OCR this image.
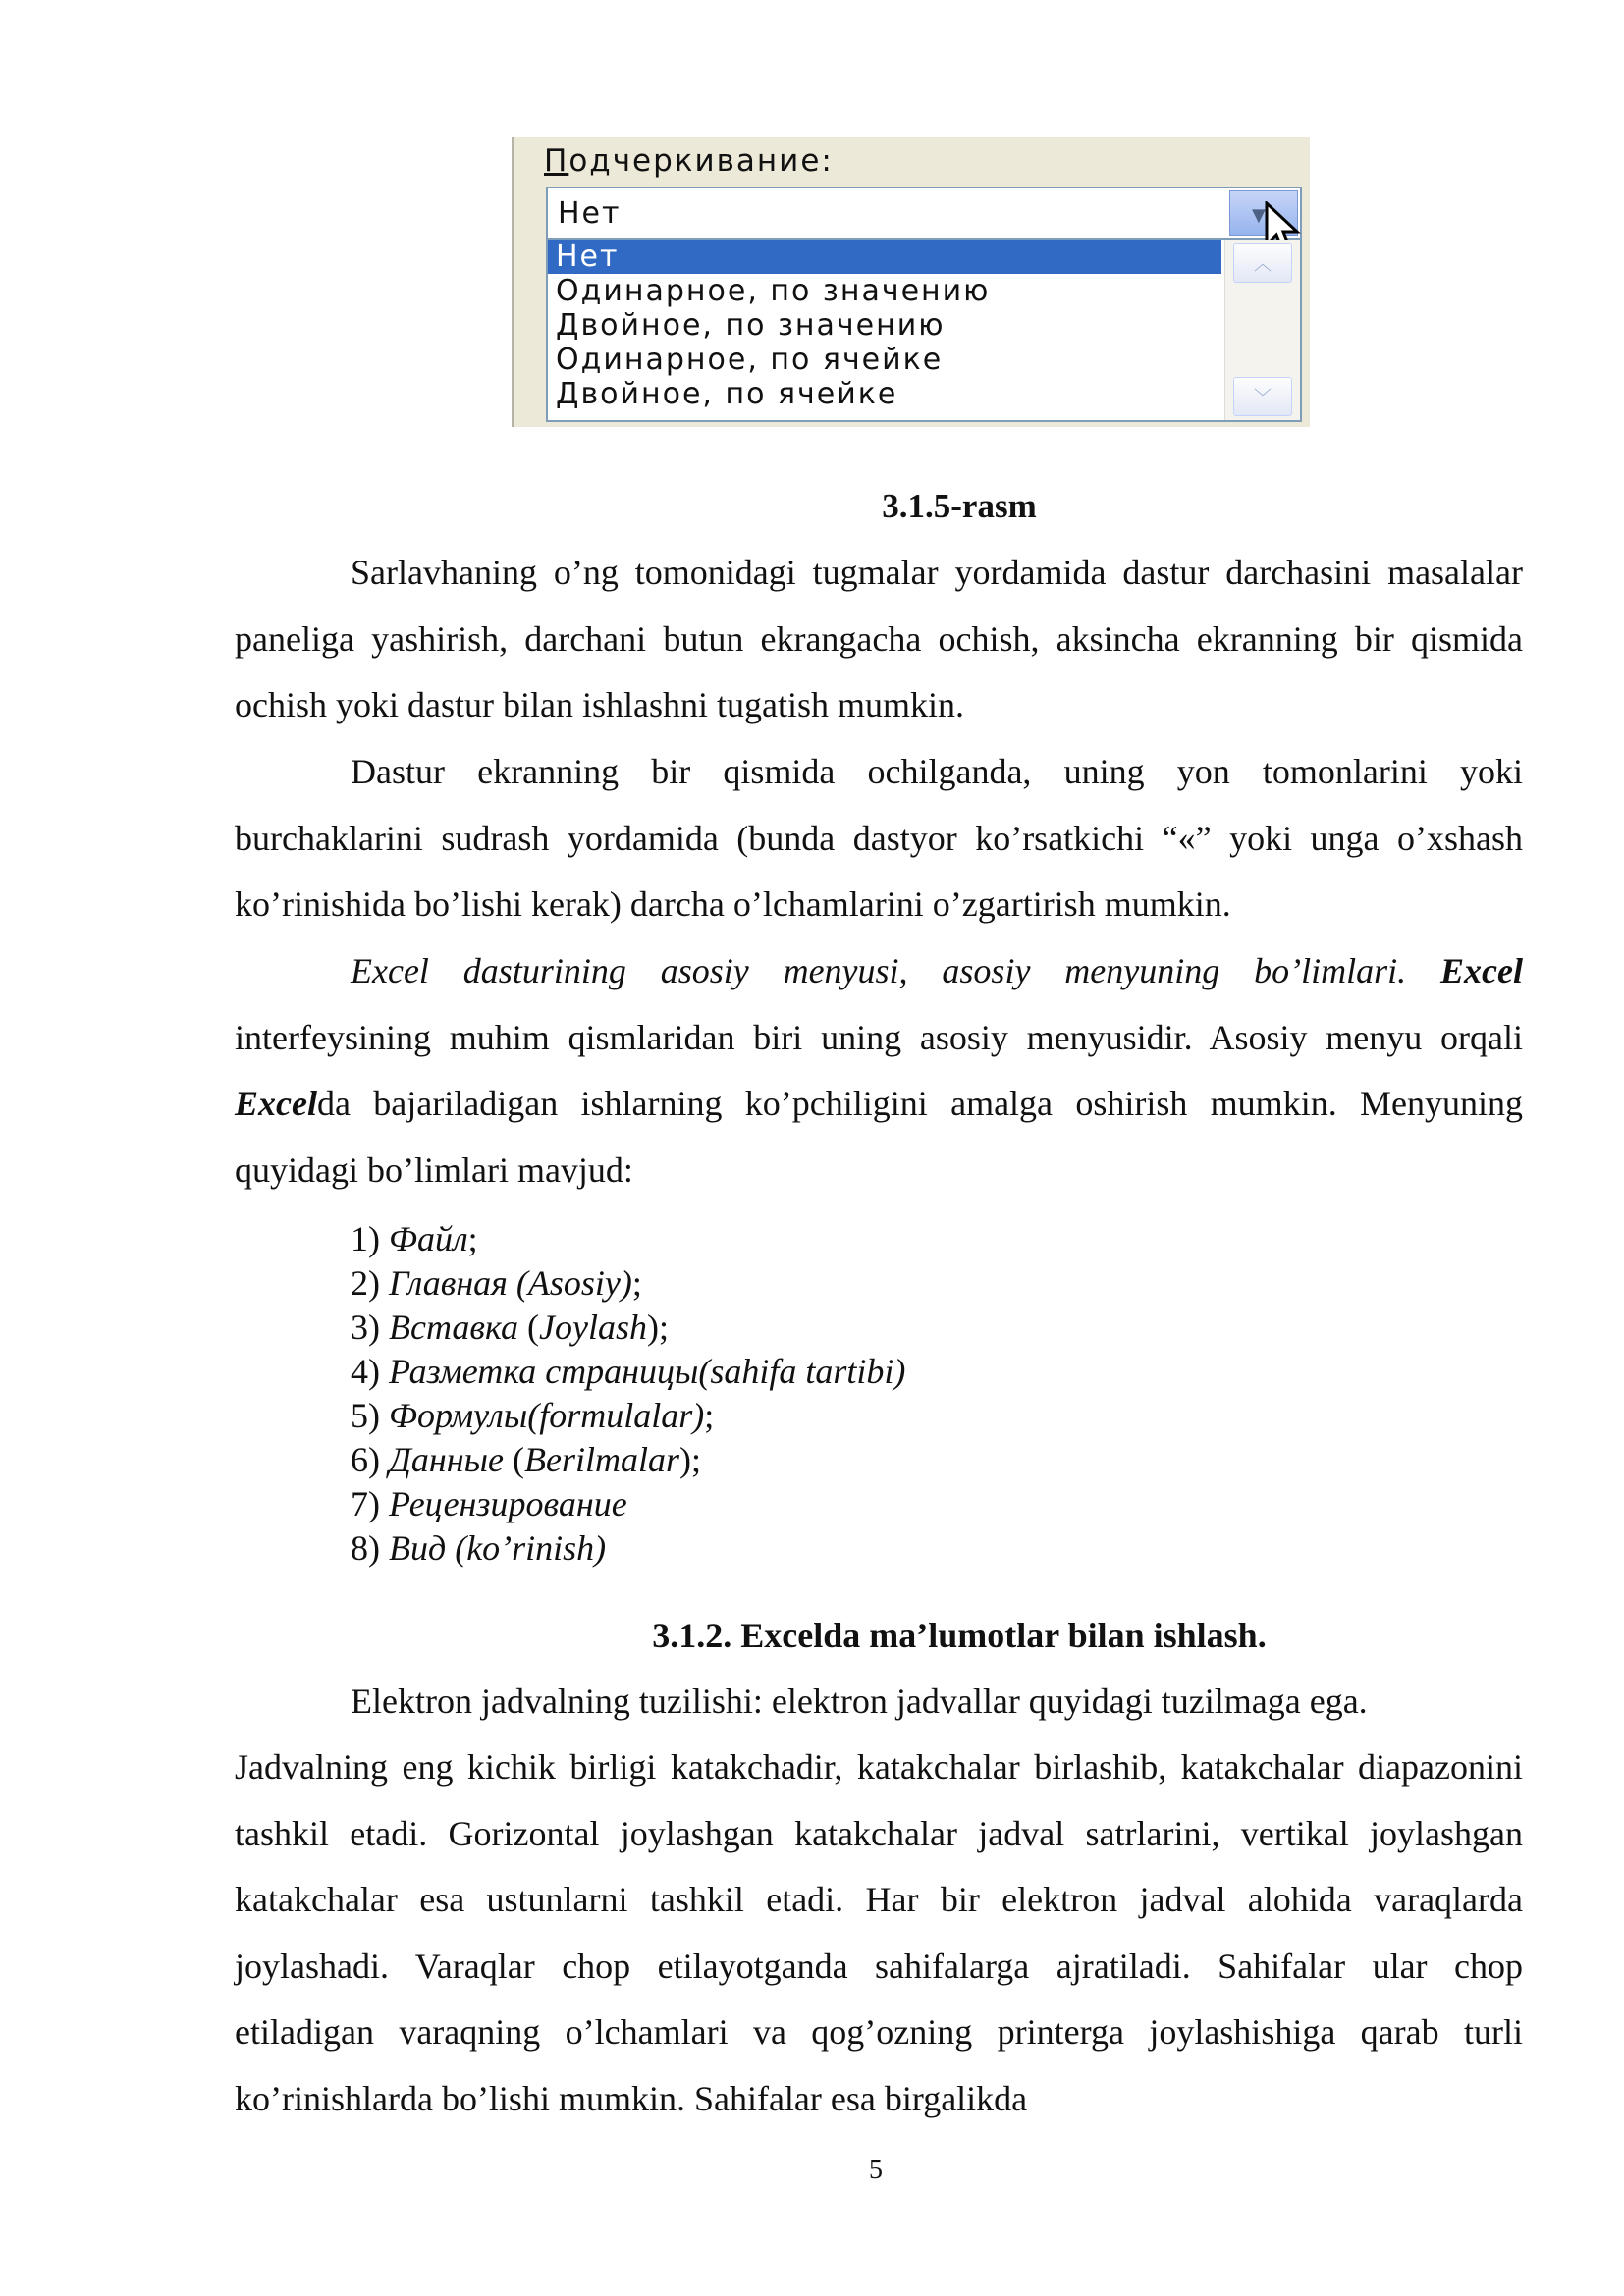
Подчеркивание:
Нет	▼
Нет
Одинарное, по значению
Двойное, по значению
Одинарное, по ячейке
Двойное, по ячейке
︿
﹀
3.1.5-rasm
Sarlavhaning o’ng tomonidagi tugmalar yordamida dastur darchasini masalalar paneliga yashirish, darchani butun ekrangacha ochish, aksincha ekranning bir qismida ochish yoki dastur bilan ishlashni tugatish mumkin.
Dastur ekranning bir qismida ochilganda, uning yon tomonlarini yoki burchaklarini sudrash yordamida (bunda dastyor ko’rsatkichi “«” yoki unga o’xshash ko’rinishida bo’lishi kerak) darcha o’lchamlarini o’zgartirish mumkin.
Excel dasturining asosiy menyusi, asosiy menyuning bo’limlari. Excel interfeysining muhim qismlaridan biri uning asosiy menyusidir. Asosiy menyu orqali Excelda bajariladigan ishlarning ko’pchiligini amalga oshirish mumkin. Menyuning quyidagi bo’limlari mavjud:
1) Файл;
2) Главная (Asosiy);
3) Вставка (Joylash);
4) Разметка страницы(sahifa tartibi)
5) Формулы(formulalar);
6) Данные (Berilmalar);
7) Рецензирование
8) Вид (ko’rinish)
3.1.2. Excelda ma’lumotlar bilan ishlash.
Elektron jadvalning tuzilishi: elektron jadvallar quyidagi tuzilmaga ega.
Jadvalning eng kichik birligi katakchadir, katakchalar birlashib, katakchalar diapazonini tashkil etadi. Gorizontal joylashgan katakchalar jadval satrlarini, vertikal joylashgan katakchalar esa ustunlarni tashkil etadi. Har bir elektron jadval alohida varaqlarda joylashadi. Varaqlar chop etilayotganda sahifalarga ajratiladi. Sahifalar ular chop etiladigan varaqning o’lchamlari va qog’ozning printerga joylashishiga qarab turli ko’rinishlarda bo’lishi mumkin. Sahifalar esa birgalikda
5
